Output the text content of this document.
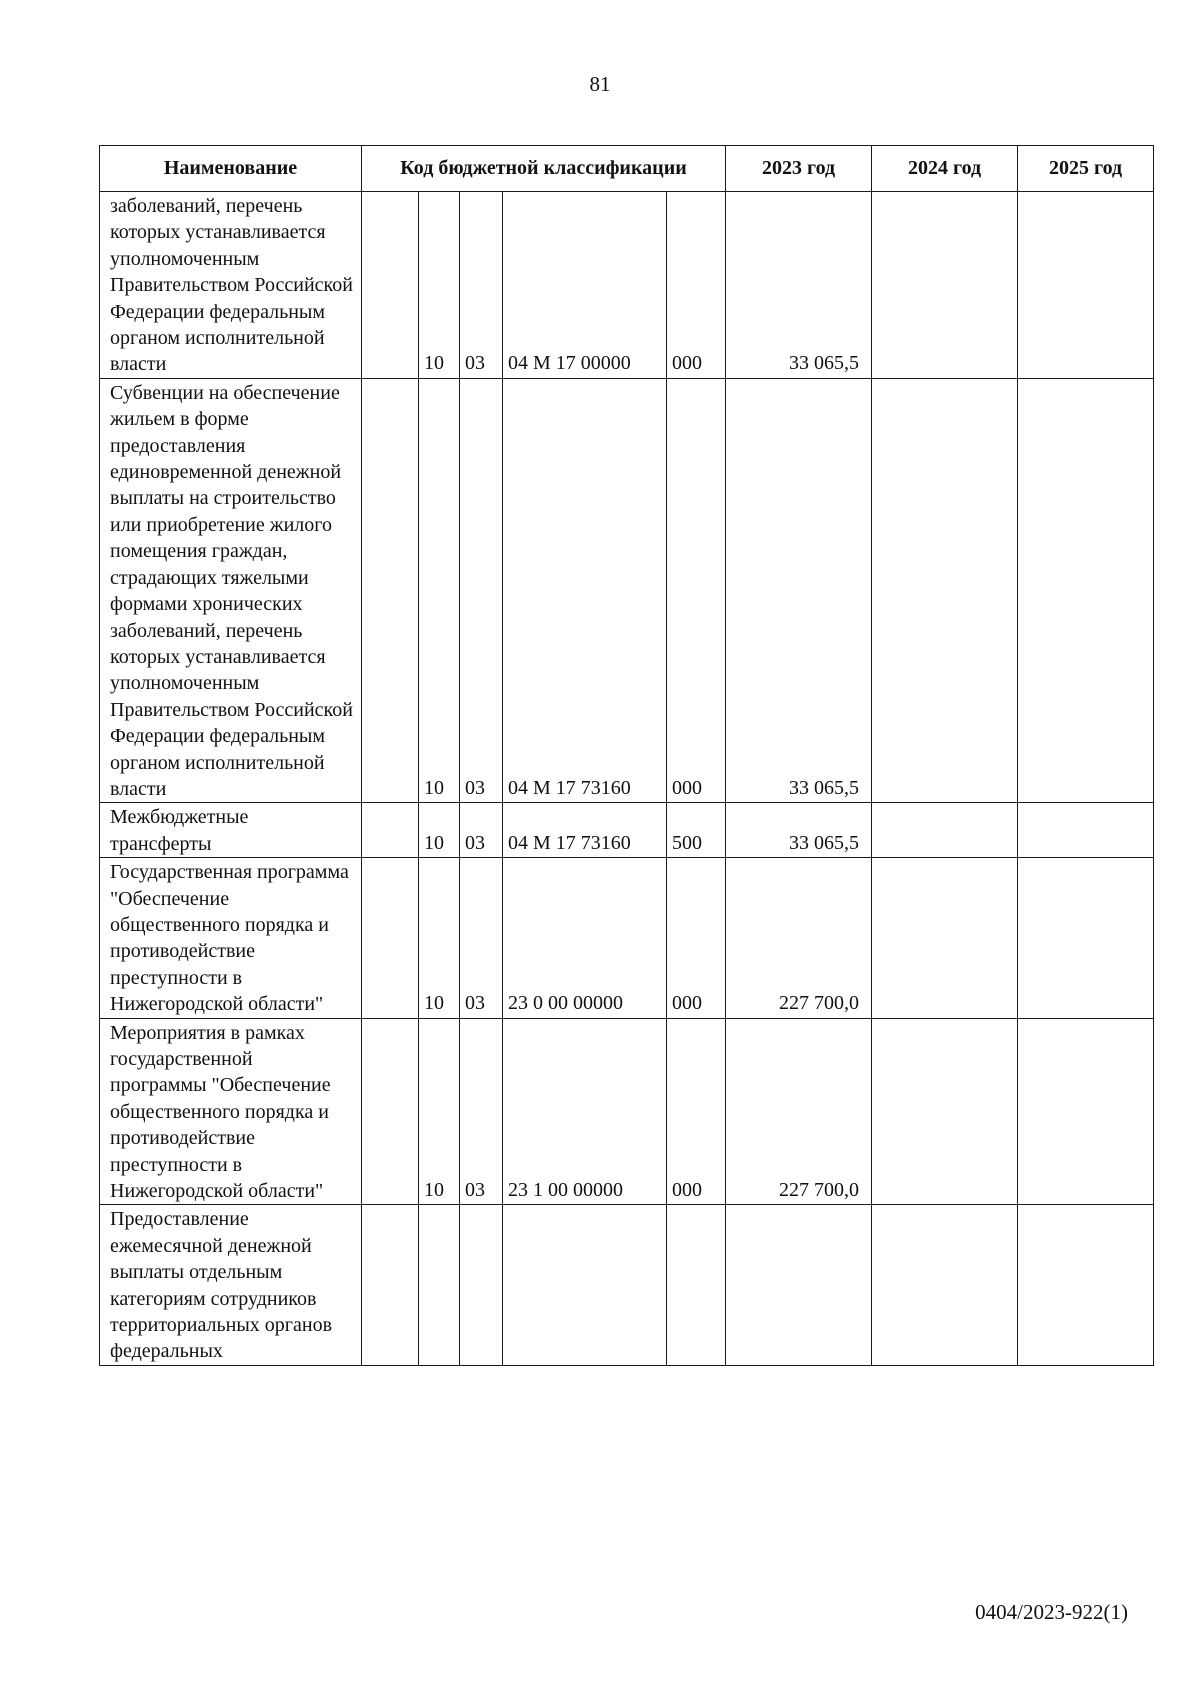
81
Наименование	Код бюджетной классификации					2023 год	2024 год	2025 год
заболеваний, перечень которых устанавливается уполномоченным Правительством Российской Федерации федеральным органом исполнительной власти		10	03	04 М 17 00000	000	33 065,5		
Субвенции на обеспечение жильем в форме предоставления единовременной денежной выплаты на строительство или приобретение жилого помещения граждан, страдающих тяжелыми формами хронических заболеваний, перечень которых устанавливается уполномоченным Правительством Российской Федерации федеральным органом исполнительной власти		10	03	04 М 17 73160	000	33 065,5		
Межбюджетные трансферты		10	03	04 М 17 73160	500	33 065,5		
Государственная программа "Обеспечение общественного порядка и противодействие преступности в Нижегородской области"		10	03	23 0 00 00000	000	227 700,0		
Мероприятия в рамках государственной программы "Обеспечение общественного порядка и противодействие преступности в Нижегородской области"		10	03	23 1 00 00000	000	227 700,0		
Предоставление ежемесячной денежной выплаты отдельным категориям сотрудников территориальных органов федеральных								
0404/2023-922(1)
